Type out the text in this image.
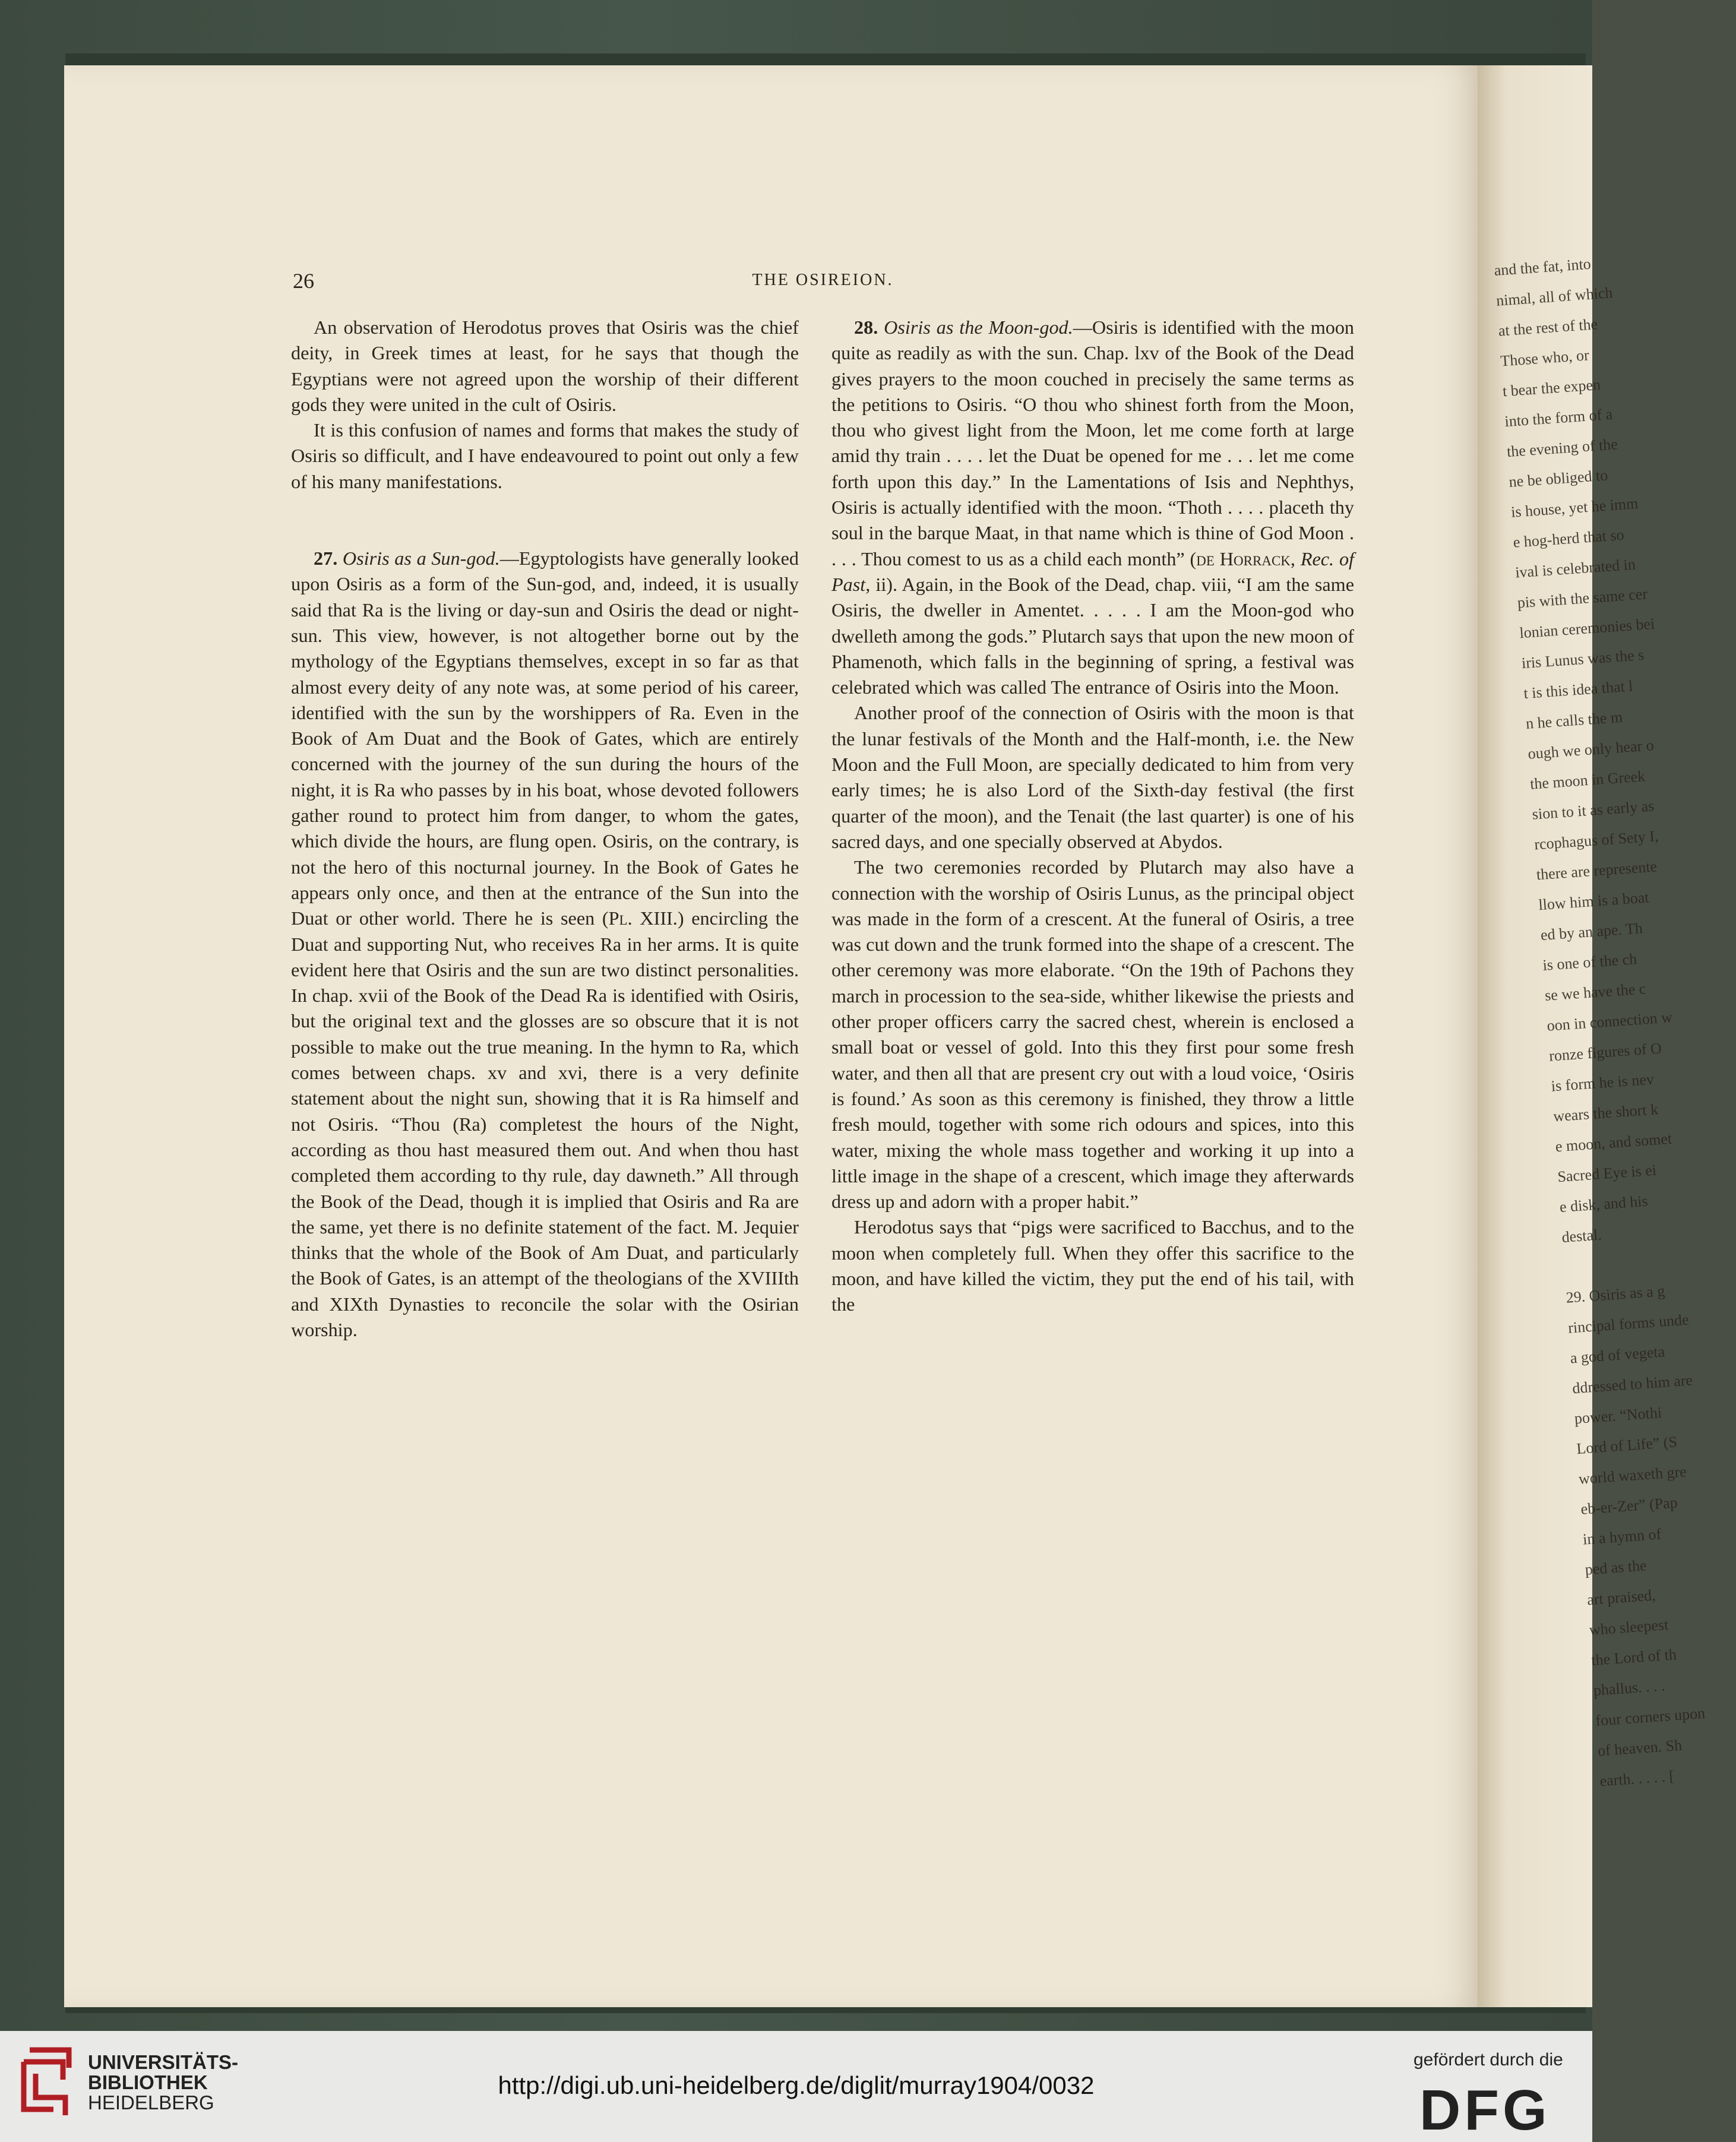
and the fat, into
nimal, all of which
at the rest of the
Those who, or
t bear the expen
into the form of a
the evening of the
ne be obliged to
is house, yet he imm
e hog-herd that so
ival is celebrated in
pis with the same cer
lonian ceremonies bei
iris Lunus was the s
t is this idea that l
n he calls the m
ough we only hear o
the moon in Greek
sion to it as early as
rcophagus of Sety I,
there are represente
llow him is a boat
ed by an ape. Th
is one of the ch
se we have the c
oon in connection w
ronze figures of O
is form he is nev
wears the short k
e moon, and somet
Sacred Eye is ei
e disk, and his
destal.
29. Osiris as a g
rincipal forms unde
a god of vegeta
ddressed to him are
power. “Nothi
Lord of Life” (S
world waxeth gre
eb-er-Zer” (Pap
in a hymn of
ped as the
art praised,
who sleepest
the Lord of th
phallus. . . .
four corners upon
of heaven. Sh
earth. . . . . [
26	THE OSIREION.

An observation of Herodotus proves that Osiris was the chief deity, in Greek times at least, for he says that though the Egyptians were not agreed upon the worship of their different gods they were united in the cult of Osiris.

It is this confusion of names and forms that makes the study of Osiris so difficult, and I have endeavoured to point out only a few of his many manifestations.

27. Osiris as a Sun-god.—Egyptologists have generally looked upon Osiris as a form of the Sun-god, and, indeed, it is usually said that Ra is the living or day-sun and Osiris the dead or night-sun. This view, however, is not altogether borne out by the mythology of the Egyptians themselves, except in so far as that almost every deity of any note was, at some period of his career, identified with the sun by the worshippers of Ra. Even in the Book of Am Duat and the Book of Gates, which are entirely concerned with the journey of the sun during the hours of the night, it is Ra who passes by in his boat, whose devoted followers gather round to protect him from danger, to whom the gates, which divide the hours, are flung open. Osiris, on the contrary, is not the hero of this nocturnal journey. In the Book of Gates he appears only once, and then at the entrance of the Sun into the Duat or other world. There he is seen (Pl. XIII.) encircling the Duat and supporting Nut, who receives Ra in her arms. It is quite evident here that Osiris and the sun are two distinct personalities. In chap. xvii of the Book of the Dead Ra is identified with Osiris, but the original text and the glosses are so obscure that it is not possible to make out the true meaning. In the hymn to Ra, which comes between chaps. xv and xvi, there is a very definite statement about the night sun, showing that it is Ra himself and not Osiris. “Thou (Ra) completest the hours of the Night, according as thou hast measured them out. And when thou hast completed them according to thy rule, day dawneth.” All through the Book of the Dead, though it is implied that Osiris and Ra are the same, yet there is no definite statement of the fact. M. Jequier thinks that the whole of the Book of Am Duat, and particularly the Book of Gates, is an attempt of the theologians of the XVIIIth and XIXth Dynasties to reconcile the solar with the Osirian worship.

28. Osiris as the Moon-god.—Osiris is identified with the moon quite as readily as with the sun. Chap. lxv of the Book of the Dead gives prayers to the moon couched in precisely the same terms as the petitions to Osiris. “O thou who shinest forth from the Moon, thou who givest light from the Moon, let me come forth at large amid thy train . . . . let the Duat be opened for me . . . let me come forth upon this day.” In the Lamentations of Isis and Nephthys, Osiris is actually identified with the moon. “Thoth . . . . placeth thy soul in the barque Maat, in that name which is thine of God Moon . . . . Thou comest to us as a child each month” (de Horrack, Rec. of Past, ii). Again, in the Book of the Dead, chap. viii, “I am the same Osiris, the dweller in Amentet. . . . . I am the Moon-god who dwelleth among the gods.” Plutarch says that upon the new moon of Phamenoth, which falls in the beginning of spring, a festival was celebrated which was called The entrance of Osiris into the Moon.

Another proof of the connection of Osiris with the moon is that the lunar festivals of the Month and the Half-month, i.e. the New Moon and the Full Moon, are specially dedicated to him from very early times; he is also Lord of the Sixth-day festival (the first quarter of the moon), and the Tenait (the last quarter) is one of his sacred days, and one specially observed at Abydos.

The two ceremonies recorded by Plutarch may also have a connection with the worship of Osiris Lunus, as the principal object was made in the form of a crescent. At the funeral of Osiris, a tree was cut down and the trunk formed into the shape of a crescent. The other ceremony was more elaborate. “On the 19th of Pachons they march in procession to the sea-side, whither likewise the priests and other proper officers carry the sacred chest, wherein is enclosed a small boat or vessel of gold. Into this they first pour some fresh water, and then all that are present cry out with a loud voice, ‘Osiris is found.’ As soon as this ceremony is finished, they throw a little fresh mould, together with some rich odours and spices, into this water, mixing the whole mass together and working it up into a little image in the shape of a crescent, which image they afterwards dress up and adorn with a proper habit.”

Herodotus says that “pigs were sacrificed to Bacchus, and to the moon when completely full. When they offer this sacrifice to the moon, and have killed the victim, they put the end of his tail, with the

UNIVERSITÄTS-
BIBLIOTHEK
HEIDELBERG
http://digi.ub.uni-heidelberg.de/diglit/murray1904/0032
gefördert durch die
DFG
